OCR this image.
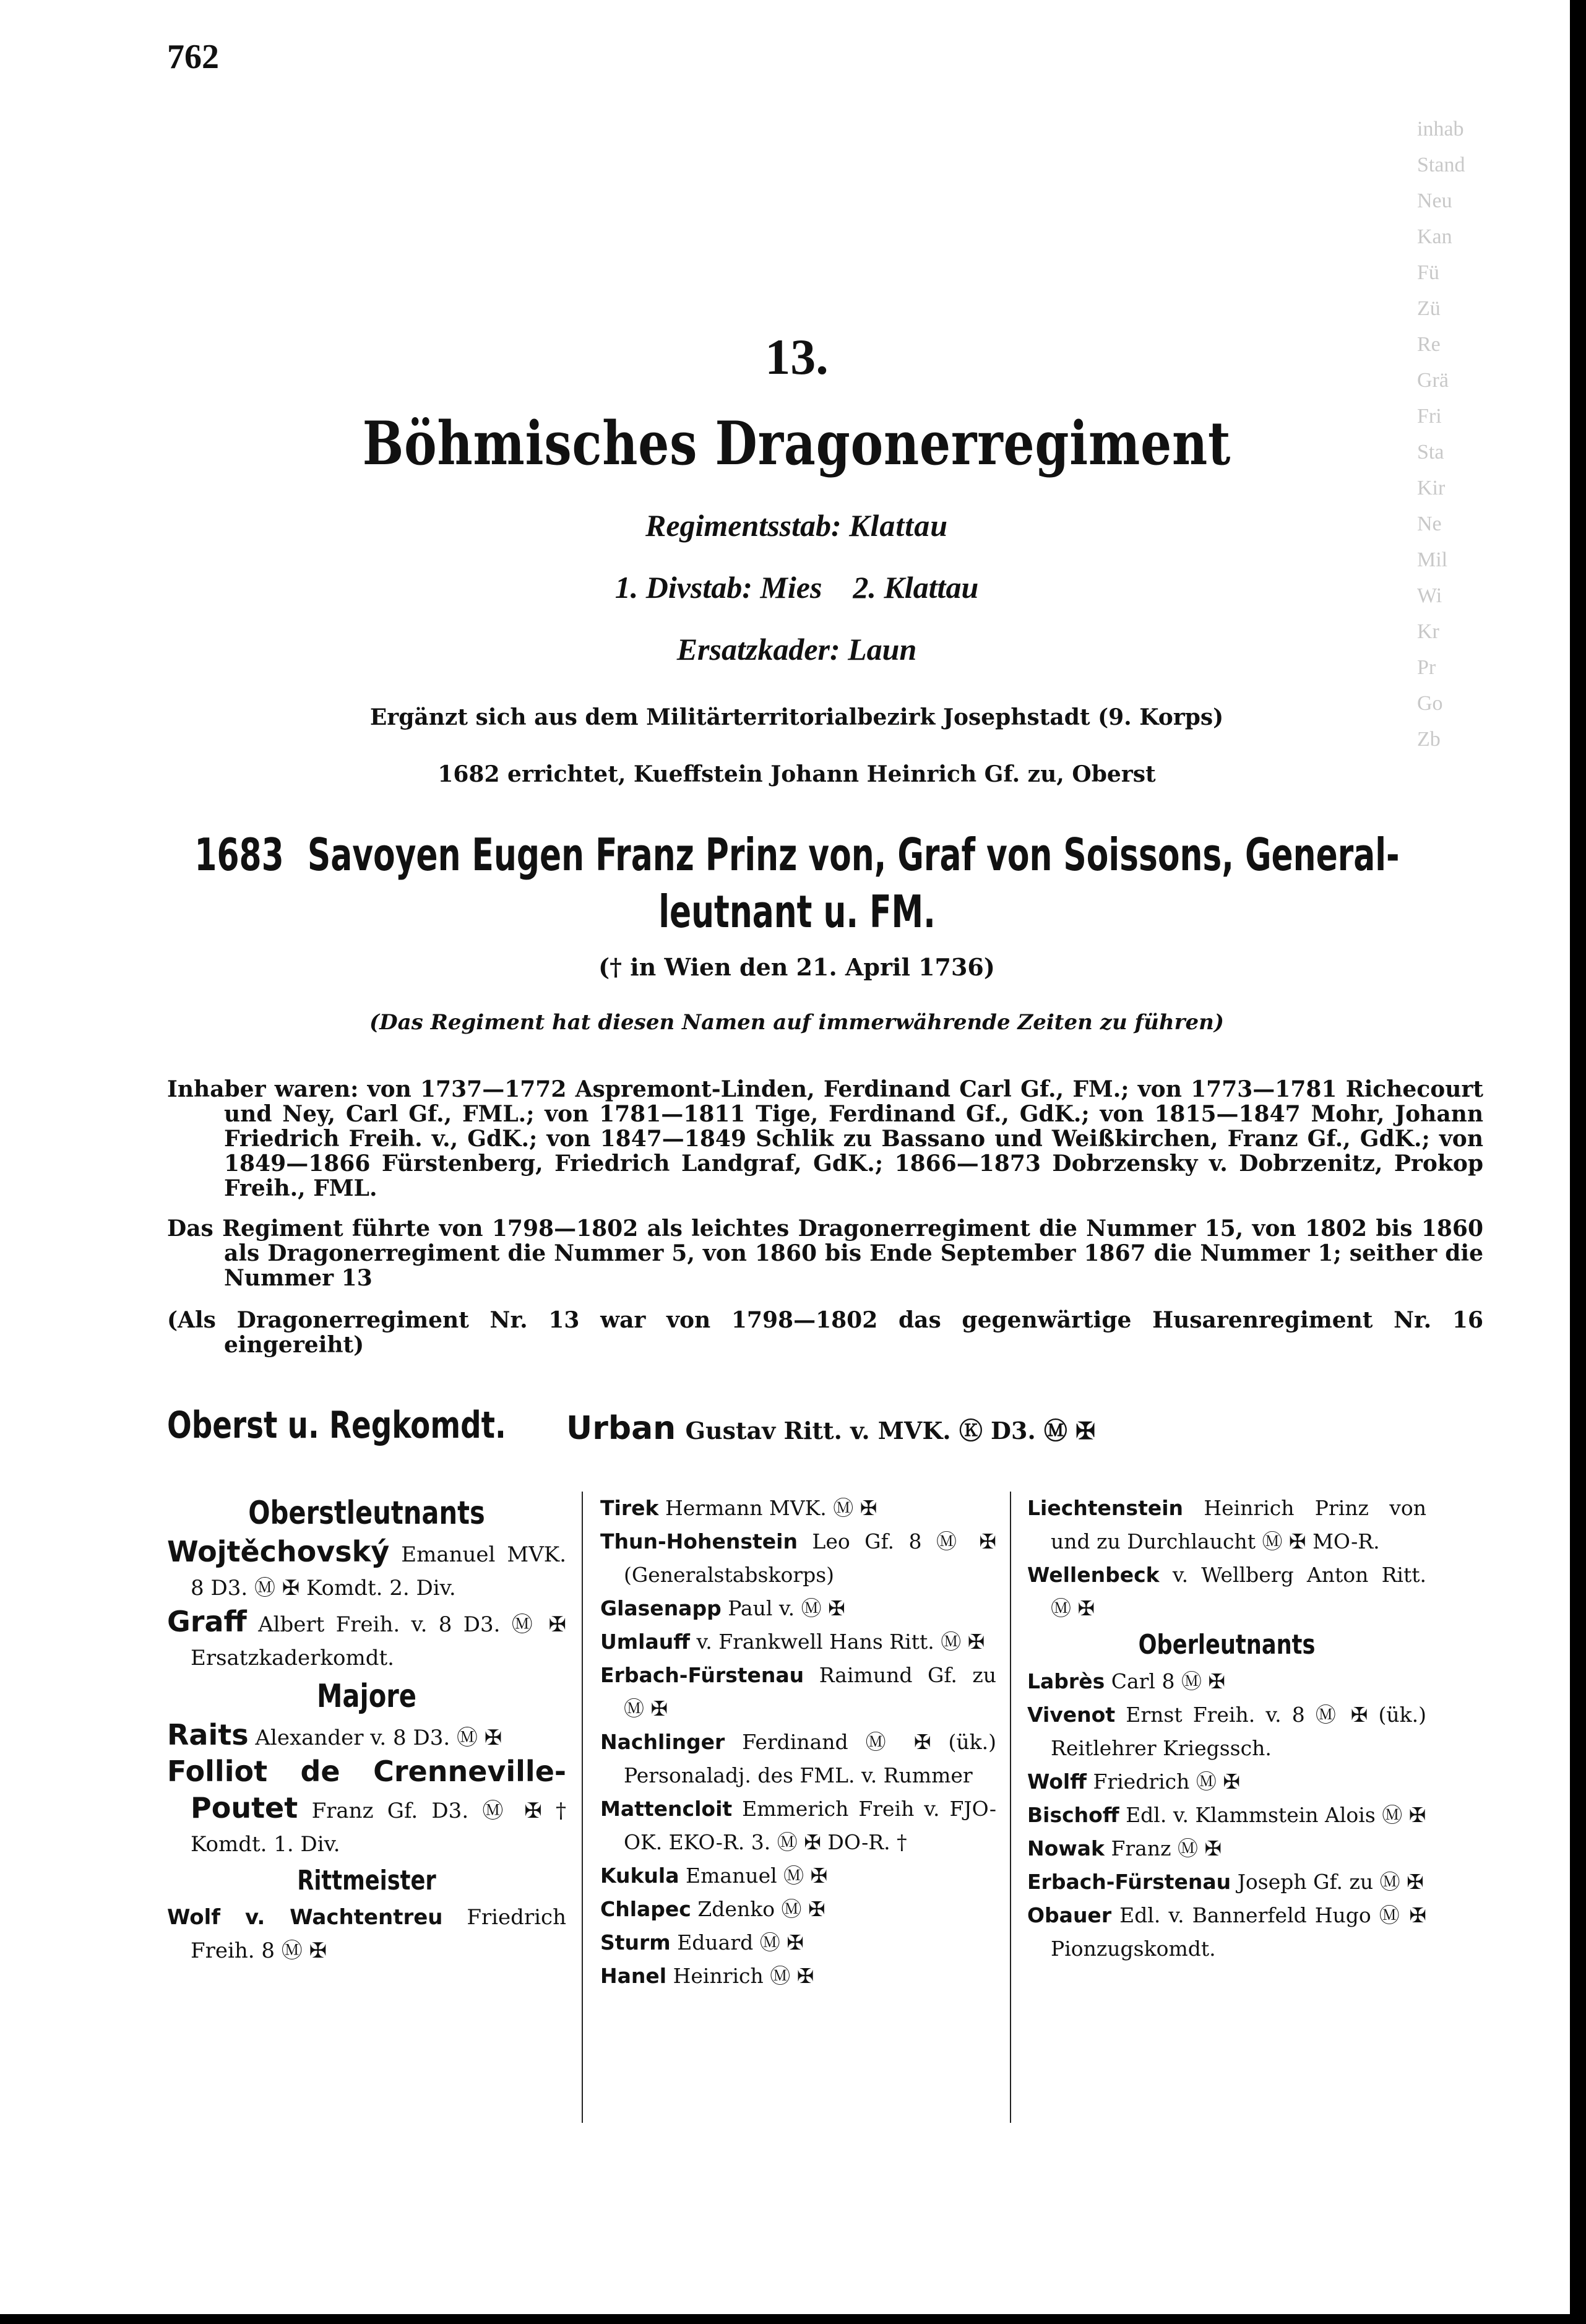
inhab
Stand
Neu
Kan
Fü
Zü
Re
Grä
Fri
Sta
Kir
Ne
Mil
Wi
Kr
Pr
Go
Zb
762
13.
Böhmisches Dragonerregiment
Regimentsstab: Klattau
1. Divstab: Mies 2. Klattau
Ersatzkader: Laun
Ergänzt sich aus dem Militärterritorialbezirk Josephstadt (9. Korps)
1682 errichtet, Kueffstein Johann Heinrich Gf. zu, Oberst
1683 Savoyen Eugen Franz Prinz von, Graf von Soissons, General-leutnant u. FM.
(† in Wien den 21. April 1736)
(Das Regiment hat diesen Namen auf immerwährende Zeiten zu führen)
Inhaber waren: von 1737—1772 Aspremont-Linden, Ferdinand Carl Gf., FM.; von 1773—1781 Richecourt und Ney, Carl Gf., FML.; von 1781—1811 Tige, Ferdinand Gf., GdK.; von 1815—1847 Mohr, Johann Friedrich Freih. v., GdK.; von 1847—1849 Schlik zu Bassano und Weißkirchen, Franz Gf., GdK.; von 1849—1866 Fürstenberg, Friedrich Landgraf, GdK.; 1866—1873 Dobrzensky v. Dobrzenitz, Prokop Freih., FML.
Das Regiment führte von 1798—1802 als leichtes Dragonerregiment die Nummer 15, von 1802 bis 1860 als Dragonerregiment die Nummer 5, von 1860 bis Ende September 1867 die Nummer 1; seither die Nummer 13
(Als Dragonerregiment Nr. 13 war von 1798—1802 das gegenwärtige Husarenregiment Nr. 16 eingereiht)
Oberst u. Regkomdt. Urban Gustav Ritt. v. MVK. Ⓚ D3. Ⓜ ✠
Oberstleutnants

Wojtěchovský Emanuel MVK. 8 D3. Ⓜ ✠ Komdt. 2. Div.

Graff Albert Freih. v. 8 D3. Ⓜ ✠ Ersatzkaderkomdt.

Majore

Raits Alexander v. 8 D3. Ⓜ ✠

Folliot de Crenneville-Poutet Franz Gf. D3. Ⓜ ✠ † Komdt. 1. Div.

Rittmeister

Wolf v. Wachtentreu Friedrich Freih. 8 Ⓜ ✠

Tirek Hermann MVK. Ⓜ ✠

Thun-Hohenstein Leo Gf. 8 Ⓜ ✠ (Generalstabskorps)

Glasenapp Paul v. Ⓜ ✠

Umlauff v. Frankwell Hans Ritt. Ⓜ ✠

Erbach-Fürstenau Raimund Gf. zu Ⓜ ✠

Nachlinger Ferdinand Ⓜ ✠ (ük.) Personaladj. des FML. v. Rummer

Mattencloit Emmerich Freih v. FJO-OK. EKO-R. 3. Ⓜ ✠ DO-R. †

Kukula Emanuel Ⓜ ✠

Chlapec Zdenko Ⓜ ✠

Sturm Eduard Ⓜ ✠

Hanel Heinrich Ⓜ ✠

Liechtenstein Heinrich Prinz von und zu Durchlaucht Ⓜ ✠ MO-R.

Wellenbeck v. Wellberg Anton Ritt. Ⓜ ✠

Oberleutnants

Labrès Carl 8 Ⓜ ✠

Vivenot Ernst Freih. v. 8 Ⓜ ✠ (ük.) Reitlehrer Kriegssch.

Wolff Friedrich Ⓜ ✠

Bischoff Edl. v. Klammstein Alois Ⓜ ✠

Nowak Franz Ⓜ ✠

Erbach-Fürstenau Joseph Gf. zu Ⓜ ✠

Obauer Edl. v. Bannerfeld Hugo Ⓜ ✠ Pionzugskomdt.
